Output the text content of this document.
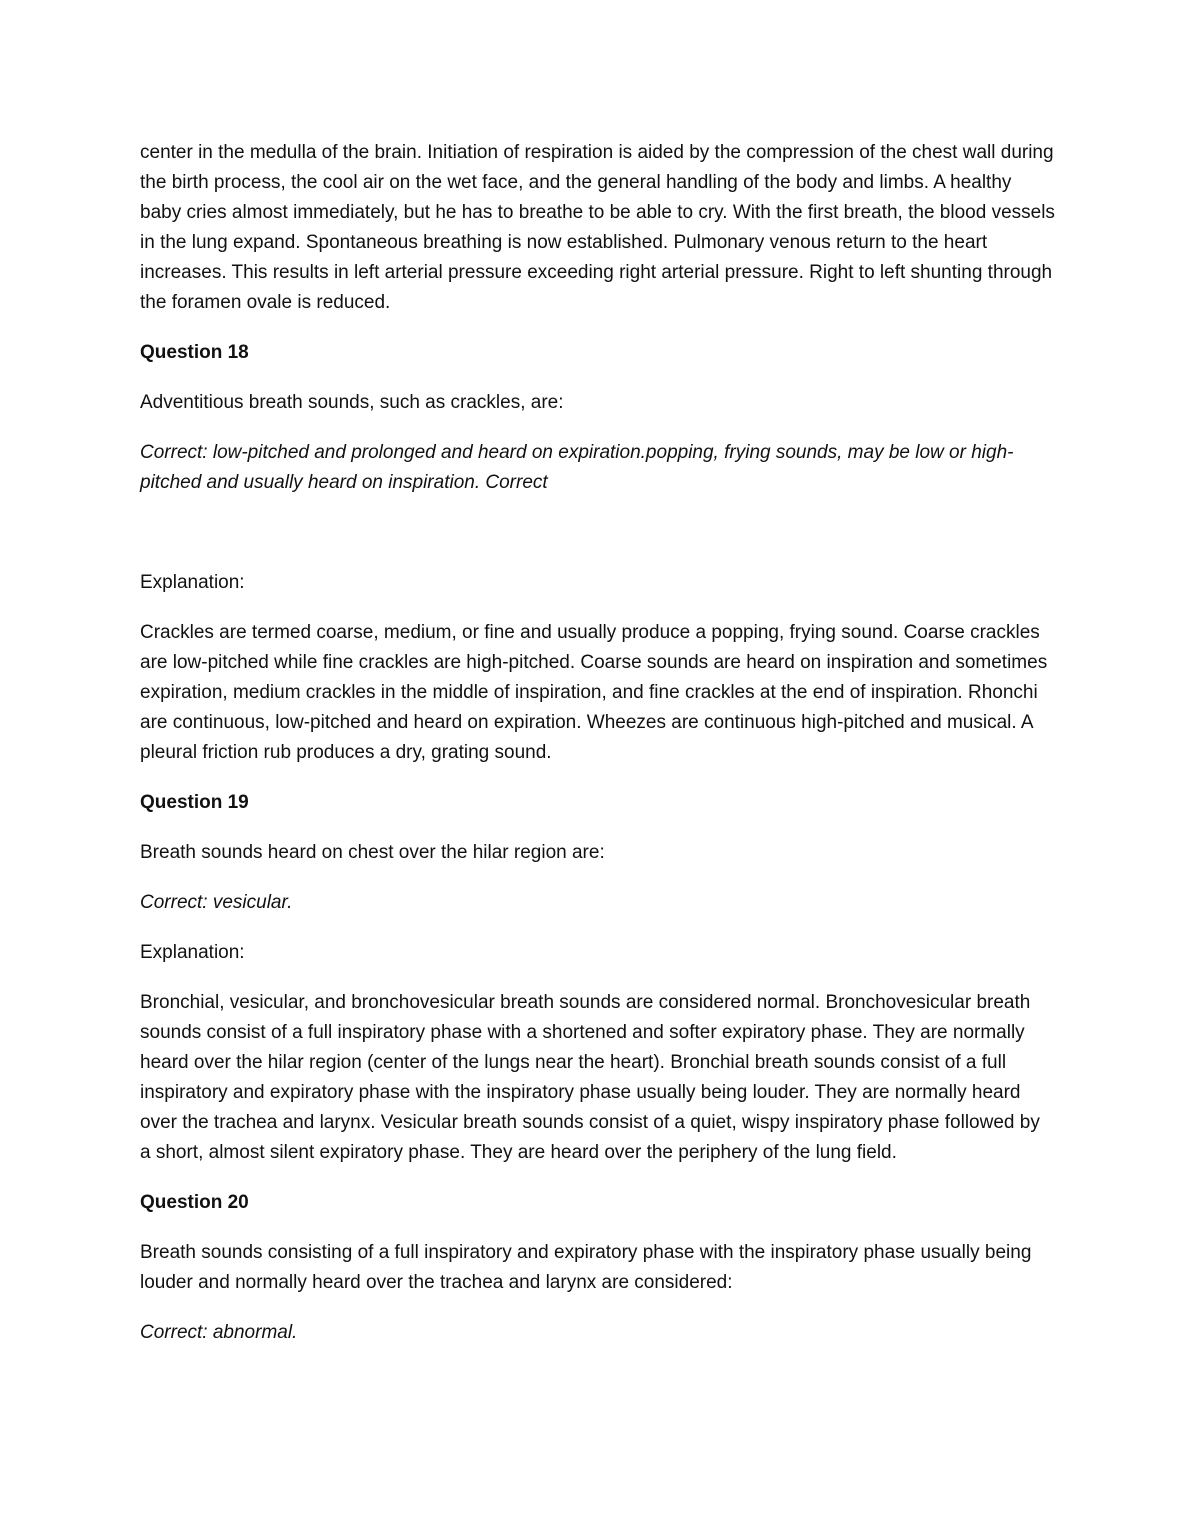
center in the medulla of the brain. Initiation of respiration is aided by the compression of the chest wall during the birth process, the cool air on the wet face, and the general handling of the body and limbs. A healthy baby cries almost immediately, but he has to breathe to be able to cry. With the first breath, the blood vessels in the lung expand. Spontaneous breathing is now established. Pulmonary venous return to the heart increases. This results in left arterial pressure exceeding right arterial pressure. Right to left shunting through the foramen ovale is reduced.

Question 18

Adventitious breath sounds, such as crackles, are:

Correct: low-pitched and prolonged and heard on expiration.popping, frying sounds, may be low or high-pitched and usually heard on inspiration. Correct

Explanation:

Crackles are termed coarse, medium, or fine and usually produce a popping, frying sound. Coarse crackles are low-pitched while fine crackles are high-pitched. Coarse sounds are heard on inspiration and sometimes expiration, medium crackles in the middle of inspiration, and fine crackles at the end of inspiration. Rhonchi are continuous, low-pitched and heard on expiration. Wheezes are continuous high-pitched and musical. A pleural friction rub produces a dry, grating sound.

Question 19

Breath sounds heard on chest over the hilar region are:

Correct: vesicular.

Explanation:

Bronchial, vesicular, and bronchovesicular breath sounds are considered normal. Bronchovesicular breath sounds consist of a full inspiratory phase with a shortened and softer expiratory phase. They are normally heard over the hilar region (center of the lungs near the heart). Bronchial breath sounds consist of a full inspiratory and expiratory phase with the inspiratory phase usually being louder. They are normally heard over the trachea and larynx. Vesicular breath sounds consist of a quiet, wispy inspiratory phase followed by a short, almost silent expiratory phase. They are heard over the periphery of the lung field.

Question 20

Breath sounds consisting of a full inspiratory and expiratory phase with the inspiratory phase usually being louder and normally heard over the trachea and larynx are considered:

Correct: abnormal.
